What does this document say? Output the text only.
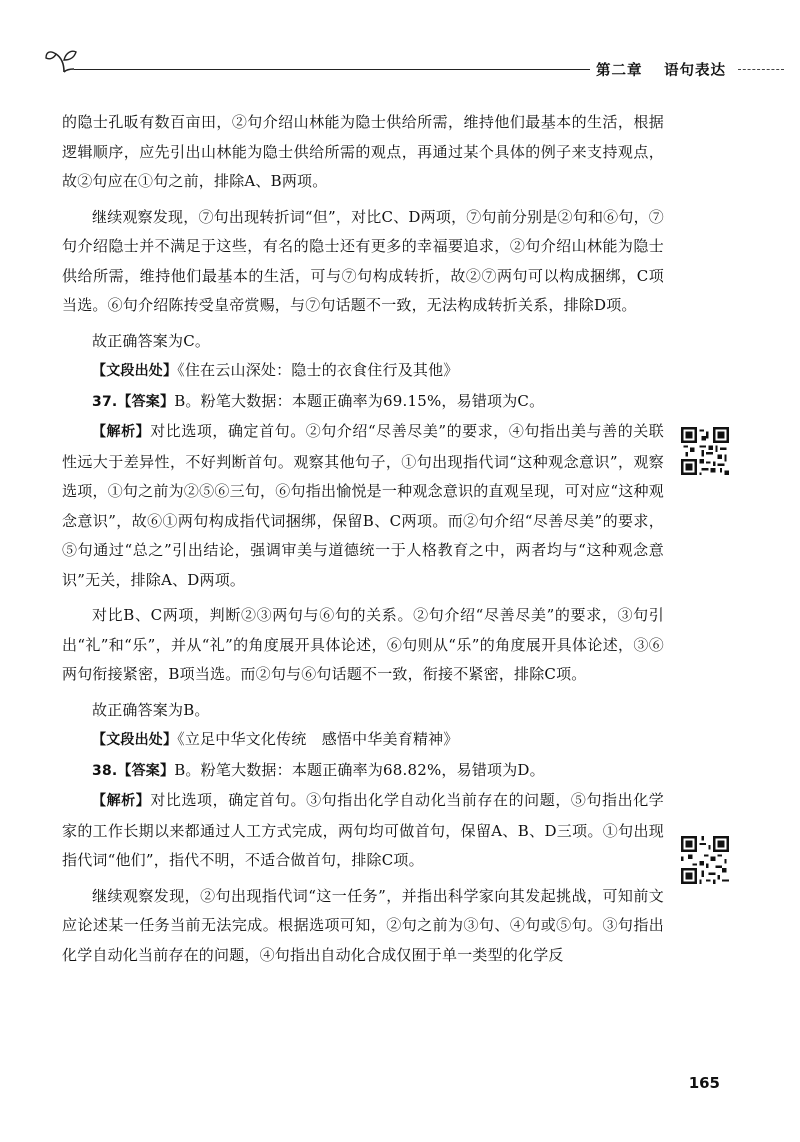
第二章 语句表达

的隐士孔昄有数百亩田，②句介绍山林能为隐士供给所需，维持他们最基本的生活，根据逻辑顺序，应先引出山林能为隐士供给所需的观点，再通过某个具体的例子来支持观点，故②句应在①句之前，排除A、B两项。

继续观察发现，⑦句出现转折词“但”，对比C、D两项，⑦句前分别是②句和⑥句，⑦句介绍隐士并不满足于这些，有名的隐士还有更多的幸福要追求，②句介绍山林能为隐士供给所需，维持他们最基本的生活，可与⑦句构成转折，故②⑦两句可以构成捆绑，C项当选。⑥句介绍陈抟受皇帝赏赐，与⑦句话题不一致，无法构成转折关系，排除D项。

故正确答案为C。

【文段出处】《住在云山深处：隐士的衣食住行及其他》

37.【答案】B。粉笔大数据：本题正确率为69.15%，易错项为C。

【解析】对比选项，确定首句。②句介绍“尽善尽美”的要求，④句指出美与善的关联性远大于差异性，不好判断首句。观察其他句子，①句出现指代词“这种观念意识”，观察选项，①句之前为②⑤⑥三句，⑥句指出愉悦是一种观念意识的直观呈现，可对应“这种观念意识”，故⑥①两句构成指代词捆绑，保留B、C两项。而②句介绍“尽善尽美”的要求，⑤句通过“总之”引出结论，强调审美与道德统一于人格教育之中，两者均与“这种观念意识”无关，排除A、D两项。

对比B、C两项，判断②③两句与⑥句的关系。②句介绍“尽善尽美”的要求，③句引出“礼”和“乐”，并从“礼”的角度展开具体论述，⑥句则从“乐”的角度展开具体论述，③⑥两句衔接紧密，B项当选。而②句与⑥句话题不一致，衔接不紧密，排除C项。

故正确答案为B。

【文段出处】《立足中华文化传统　感悟中华美育精神》

38.【答案】B。粉笔大数据：本题正确率为68.82%，易错项为D。

【解析】对比选项，确定首句。③句指出化学自动化当前存在的问题，⑤句指出化学家的工作长期以来都通过人工方式完成，两句均可做首句，保留A、B、D三项。①句出现指代词“他们”，指代不明，不适合做首句，排除C项。

继续观察发现，②句出现指代词“这一任务”，并指出科学家向其发起挑战，可知前文应论述某一任务当前无法完成。根据选项可知，②句之前为③句、④句或⑤句。③句指出化学自动化当前存在的问题，④句指出自动化合成仅囿于单一类型的化学反

165
